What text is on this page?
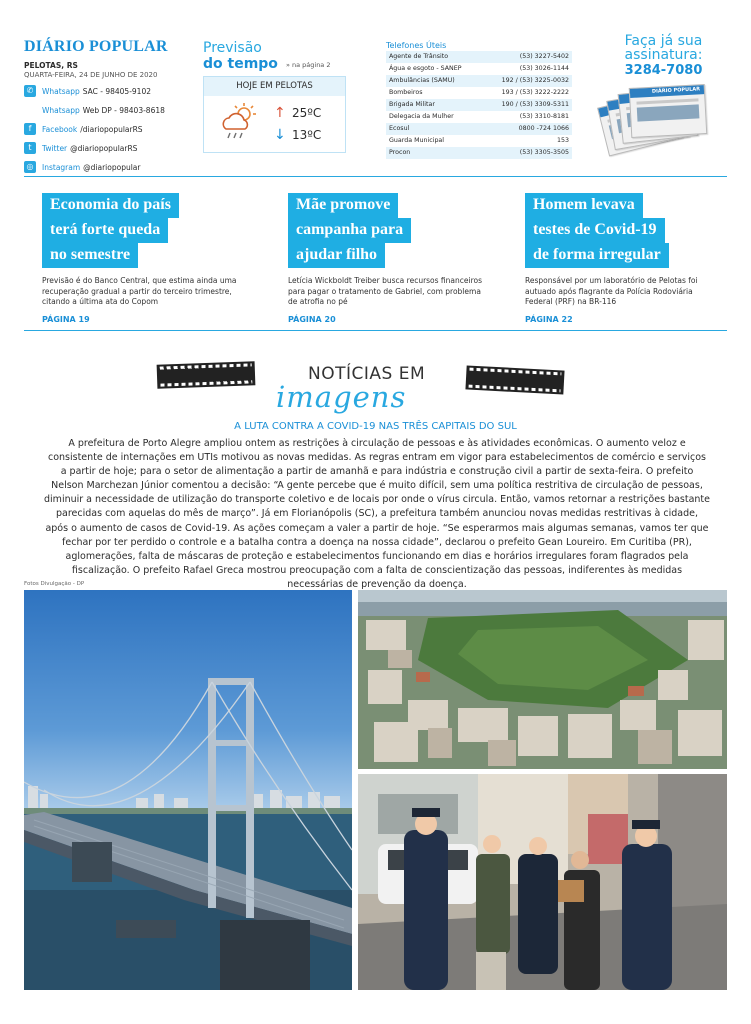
DIÁRIO POPULAR
PELOTAS, RS
QUARTA-FEIRA, 24 DE JUNHO DE 2020
✆	Whatsapp SAC - 98405-9102
Whatsapp Web DP - 98403-8618
f	Facebook /diariopopularRS
t	Twitter @diariopopularRS
◎	Instagram @diariopopular
Previsão
do tempo » na página 2
HOJE EM PELOTAS
↑ 25ºC
↓ 13ºC
Telefones Úteis
Agente de Trânsito	(53) 3227-5402
Água e esgoto - SANEP	(53) 3026-1144
Ambulâncias (SAMU)	192 / (53) 3225-0032
Bombeiros	193 / (53) 3222-2222
Brigada Militar	190 / (53) 3309-5311
Delegacia da Mulher	(53) 3310-8181
Ecosul	0800 -724 1066
Guarda Municipal	153
Procon	(53) 3305-3505
Faça já sua
assinatura:
3284-7080
DIÁRIO POPULAR
Economia do país
terá forte queda
no semestre
Previsão é do Banco Central, que estima ainda uma recuperação gradual a partir do terceiro trimestre, citando a última ata do Copom
PÁGINA 19
Mãe promove
campanha para
ajudar filho
Letícia Wickboldt Treiber busca recursos financeiros para pagar o tratamento de Gabriel, com problema de atrofia no pé
PÁGINA 20
Homem levava
testes de Covid-19
de forma irregular
Responsável por um laboratório de Pelotas foi autuado após flagrante da Polícia Rodoviária Federal (PRF) na BR-116
PÁGINA 22
NOTÍCIAS EM
imagens
A LUTA CONTRA A COVID-19 NAS TRÊS CAPITAIS DO SUL
A prefeitura de Porto Alegre ampliou ontem as restrições à circulação de pessoas e às atividades econômicas. O aumento veloz e consistente de internações em UTIs motivou as novas medidas. As regras entram em vigor para estabelecimentos de comércio e serviços a partir de hoje; para o setor de alimentação a partir de amanhã e para indústria e construção civil a partir de sexta-feira. O prefeito Nelson Marchezan Júnior comentou a decisão: “A gente percebe que é muito difícil, sem uma política restritiva de circulação de pessoas, diminuir a necessidade de utilização do transporte coletivo e de locais por onde o vírus circula. Então, vamos retornar a restrições bastante parecidas com aquelas do mês de março”. Já em Florianópolis (SC), a prefeitura também anunciou novas medidas restritivas à cidade, após o aumento de casos de Covid-19. As ações começam a valer a partir de hoje. “Se esperarmos mais algumas semanas, vamos ter que fechar por ter perdido o controle e a batalha contra a doença na nossa cidade”, declarou o prefeito Gean Loureiro. Em Curitiba (PR), aglomerações, falta de máscaras de proteção e estabelecimentos funcionando em dias e horários irregulares foram flagrados pela fiscalização. O prefeito Rafael Greca mostrou preocupação com a falta de conscientização das pessoas, indiferentes às medidas necessárias de prevenção da doença.
Fotos Divulgação - DP
